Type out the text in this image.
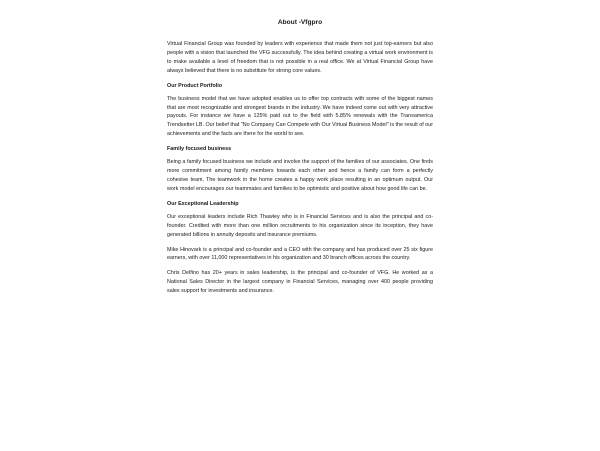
About -Vfgpro

Virtual Financial Group was founded by leaders with experience that made them not just top-earners but also people with a vision that launched the VFG successfully. The idea behind creating a virtual work environment is to make available a level of freedom that is not possible in a real office. We at Virtual Financial Group have always believed that there is no substitute for strong core values.

Our Product Portfolio

The business model that we have adopted enables us to offer top contracts with some of the biggest names that are most recognizable and strongest brands in the industry. We have indeed come out with very attractive payouts. For instance we have a 125% paid out to the field with 5.85% renewals with the Transamerica Trendsetter LB. Our belief that "No Company Can Compete with Our Virtual Business Model" is the result of our achievements and the facts are there for the world to see.

Family focused business

Being a family focused business we include and involve the support of the families of our associates. One finds more commitment among family members towards each other and hence a family can form a perfectly cohesive team. The teamwork in the home creates a happy work place resulting in an optimum output. Our work model encourages our teammates and families to be optimistic and positive about how good life can be.

Our Exceptional Leadership

Our exceptional leaders include Rich Thawley who is in Financial Services and is also the principal and co-founder. Credited with more than one million recruitments to his organization since its inception, they have generated billions in annuity deposits and insurance premiums.

Mike Hinovark is a principal and co-founder and a CEO with the company and has produced over 25 six figure earners, with over 11,000 representatives in his organization and 30 branch offices across the country.

Chris Delfino has 20+ years in sales leadership, is the principal and co-founder of VFG. He worked as a National Sales Director in the largest company in Financial Services, managing over 400 people providing sales support for investments and insurance.
